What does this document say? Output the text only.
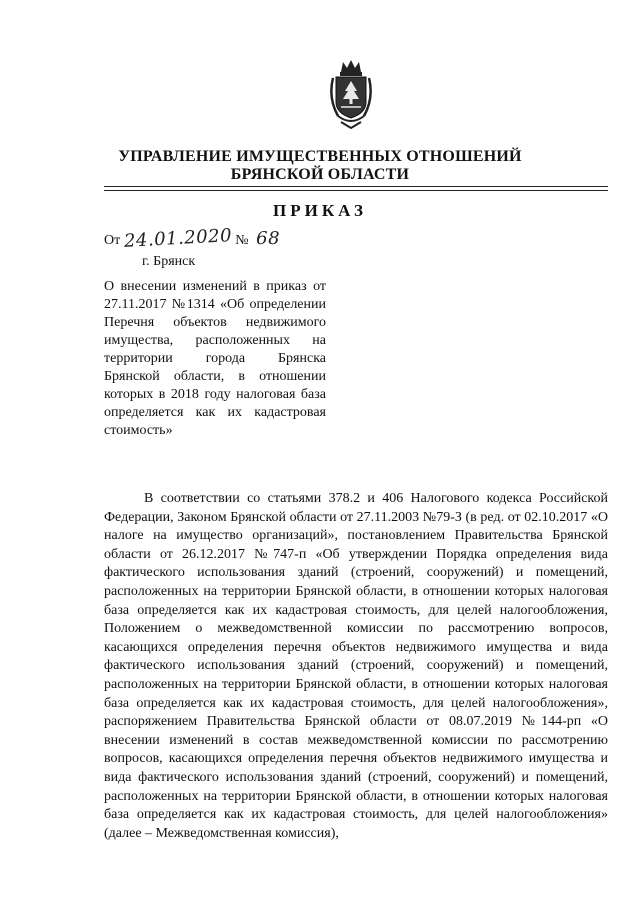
УПРАВЛЕНИЕ ИМУЩЕСТВЕННЫХ ОТНОШЕНИЙ
БРЯНСКОЙ ОБЛАСТИ
ПРИКАЗ
От 24.01.2020 № 68
г. Брянск
О внесении изменений в приказ от 27.11.2017 №1314 «Об определении Перечня объектов недвижимого имущества, расположенных на территории города Брянска Брянской области, в отношении которых в 2018 году налоговая база определяется как их кадастровая стоимость»
В соответствии со статьями 378.2 и 406 Налогового кодекса Российской Федерации, Законом Брянской области от 27.11.2003 №79-З (в ред. от 02.10.2017 «О налоге на имущество организаций», постановлением Правительства Брянской области от 26.12.2017 №747-п «Об утверждении Порядка определения вида фактического использования зданий (строений, сооружений) и помещений, расположенных на территории Брянской области, в отношении которых налоговая база определяется как их кадастровая стоимость, для целей налогообложения, Положением о межведомственной комиссии по рассмотрению вопросов, касающихся определения перечня объектов недвижимого имущества и вида фактического использования зданий (строений, сооружений) и помещений, расположенных на территории Брянской области, в отношении которых налоговая база определяется как их кадастровая стоимость, для целей налогообложения», распоряжением Правительства Брянской области от 08.07.2019 №144-рп «О внесении изменений в состав межведомственной комиссии по рассмотрению вопросов, касающихся определения перечня объектов недвижимого имущества и вида фактического использования зданий (строений, сооружений) и помещений, расположенных на территории Брянской области, в отношении которых налоговая база определяется как их кадастровая стоимость, для целей налогообложения» (далее – Межведомственная комиссия),
